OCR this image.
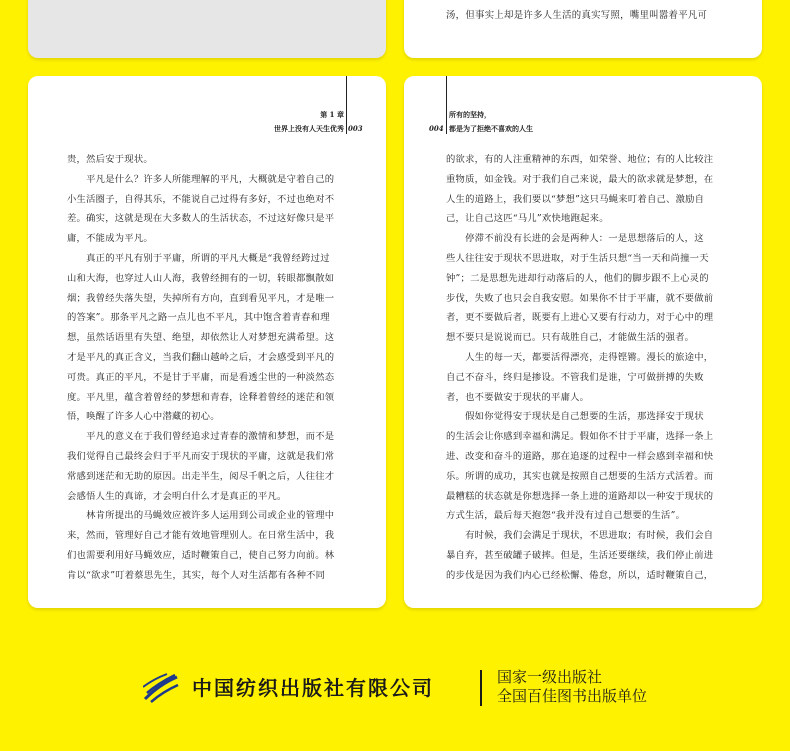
汤，但事实上却是许多人生活的真实写照，嘴里叫嚣着平凡可

第 1 章
世界上没有人天生优秀 003

贵，然后安于现状。

　　平凡是什么？许多人所能理解的平凡，大概就是守着自己的

小生活圈子，自得其乐，不能说自己过得有多好，不过也绝对不

差。确实，这就是现在大多数人的生活状态，不过这好像只是平

庸，不能成为平凡。

　　真正的平凡有别于平庸，所谓的平凡大概是“我曾经跨过过

山和大海，也穿过人山人海，我曾经拥有的一切，转眼都飘散如

烟；我曾经失落失望，失掉所有方向，直到看见平凡，才是唯一

的答案”。那条平凡之路一点儿也不平凡，其中饱含着青春和理

想，虽然话语里有失望、绝望，却依然让人对梦想充满希望。这

才是平凡的真正含义，当我们翻山越岭之后，才会感受到平凡的

可贵。真正的平凡，不是甘于平庸，而是看透尘世的一种淡然态

度。平凡里，蕴含着曾经的梦想和青春，诠释着曾经的迷茫和领

悟，唤醒了许多人心中潜藏的初心。

　　平凡的意义在于我们曾经追求过青春的激情和梦想，而不是

我们觉得自己最终会归于平凡而安于现状的平庸，这就是我们常

常感到迷茫和无助的原因。出走半生，阅尽千帆之后，人往往才

会感悟人生的真谛，才会明白什么才是真正的平凡。

　　林肯所提出的马蝇效应被许多人运用到公司或企业的管理中

来，然而，管理好自己才能有效地管理别人。在日常生活中，我

们也需要利用好马蝇效应，适时鞭策自己，使自己努力向前。林

肯以“欲求”叮着蔡思先生，其实，每个人对生活都有各种不同

004
所有的坚持，
都是为了拒绝不喜欢的人生

的欲求，有的人注重精神的东西，如荣誉、地位；有的人比较注

重物质，如金钱。对于我们自己来说，最大的欲求就是梦想，在

人生的道路上，我们要以“梦想”这只马蝇来叮着自己、激励自

己，让自己这匹“马儿”欢快地跑起来。

　　停滞不前没有长进的会是两种人：一是思想落后的人，这

些人往往安于现状不思进取，对于生活只想“当一天和尚撞一天

钟”；二是思想先进却行动落后的人，他们的脚步跟不上心灵的

步伐，失败了也只会自我安慰。如果你不甘于平庸，就不要做前

者，更不要做后者，既要有上进心又要有行动力，对于心中的理

想不要只是说说而已。只有哉胜自己，才能做生活的强者。

　　人生的每一天，都要活得漂亮，走得铿锵。漫长的旅途中，

自己不奋斗，终归是掺设。不管我们是谁，宁可做拼搏的失败

者，也不要做安于现状的平庸人。

　　假如你觉得安于现状是自己想要的生活，那选择安于现状

的生活会让你感到幸福和满足。假如你不甘于平庸，选择一条上

进、改变和奋斗的道路，那在追逐的过程中一样会感到幸福和快

乐。所谓的成功，其实也就是按照自己想要的生活方式活着。而

最糟糕的状态就是你想选择一条上进的道路却以一种安于现状的

方式生活，最后每天抱怨“我并没有过自己想要的生活”。

　　有时候，我们会满足于现状，不思进取；有时候，我们会自

暴自弃，甚至破罐子破摔。但是，生活还要继续，我们停止前进

的步伐是因为我们内心已经松懈、倦怠，所以，适时鞭策自己，

中国纺织出版社有限公司	国家一级出版社
全国百佳图书出版单位
